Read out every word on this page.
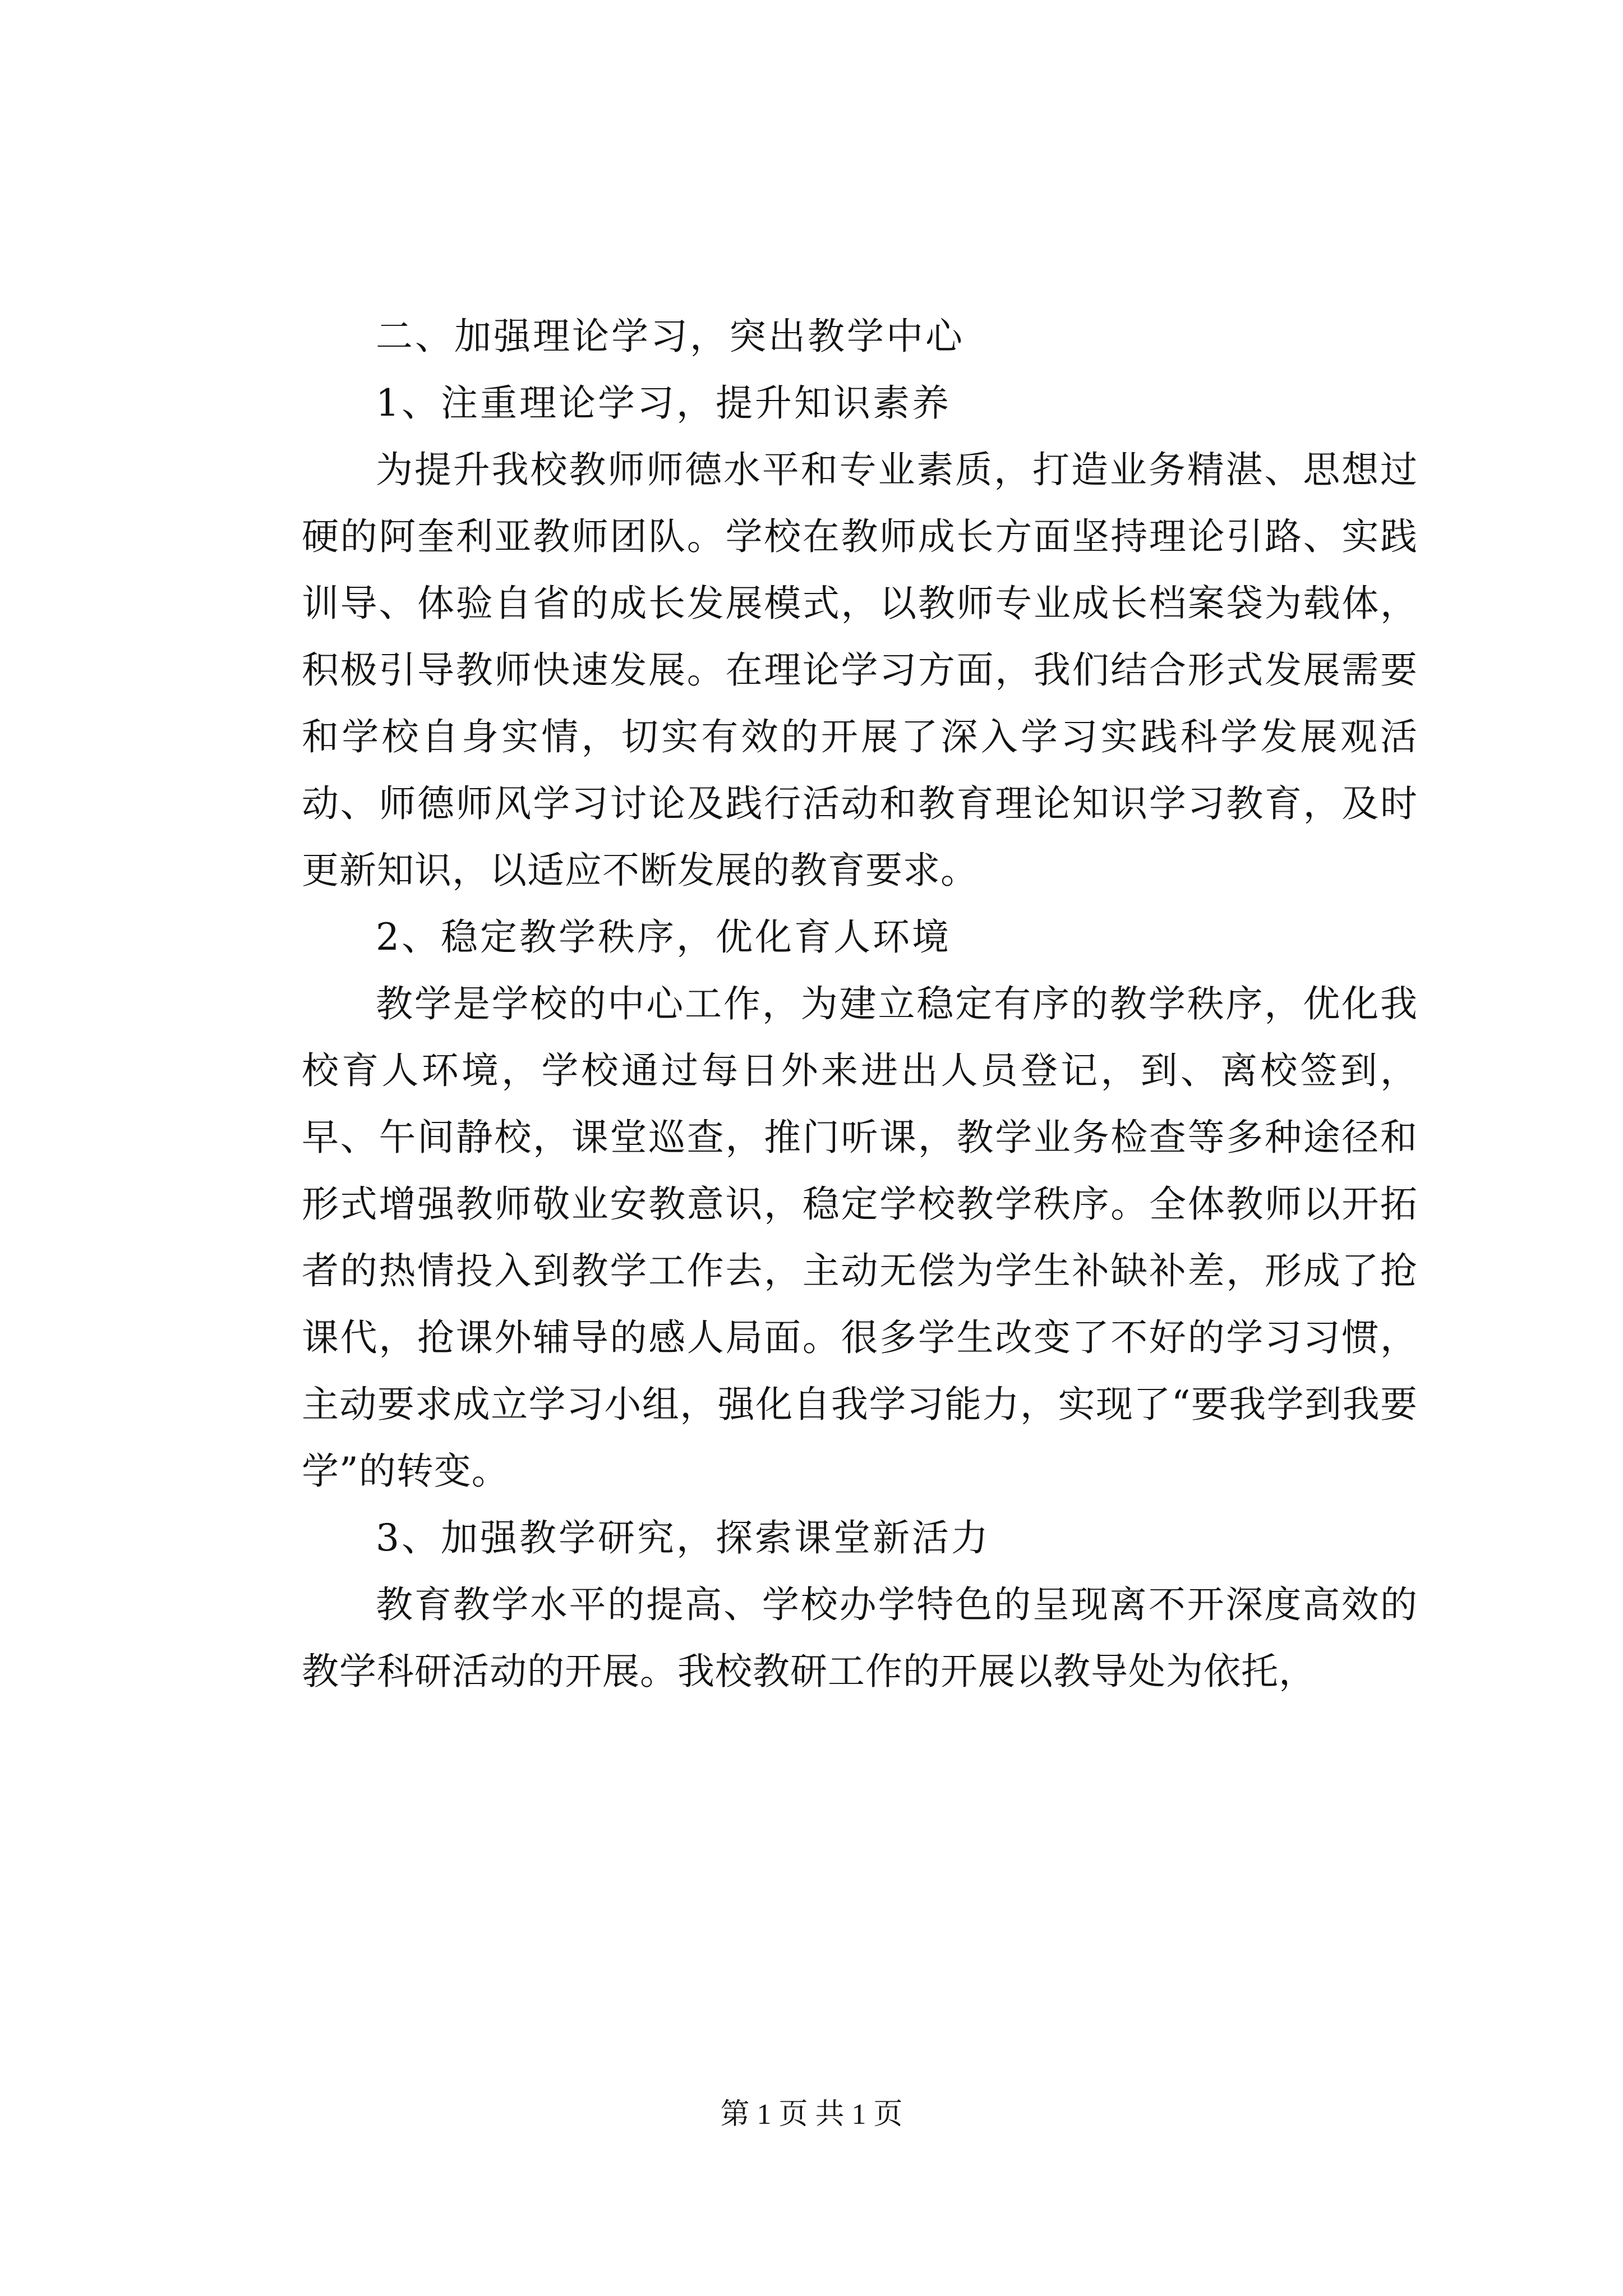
二、加强理论学习，突出教学中心

1、注重理论学习，提升知识素养

为提升我校教师师德水平和专业素质，打造业务精湛、思想过硬的阿奎利亚教师团队。学校在教师成长方面坚持理论引路、实践训导、体验自省的成长发展模式，以教师专业成长档案袋为载体，积极引导教师快速发展。在理论学习方面，我们结合形式发展需要和学校自身实情，切实有效的开展了深入学习实践科学发展观活动、师德师风学习讨论及践行活动和教育理论知识学习教育，及时更新知识，以适应不断发展的教育要求。

2、稳定教学秩序，优化育人环境

教学是学校的中心工作，为建立稳定有序的教学秩序，优化我校育人环境，学校通过每日外来进出人员登记，到、离校签到，早、午间静校，课堂巡查，推门听课，教学业务检查等多种途径和形式增强教师敬业安教意识，稳定学校教学秩序。全体教师以开拓者的热情投入到教学工作去，主动无偿为学生补缺补差，形成了抢课代，抢课外辅导的感人局面。很多学生改变了不好的学习习惯，主动要求成立学习小组，强化自我学习能力，实现了“要我学到我要学”的转变。

3、加强教学研究，探索课堂新活力

教育教学水平的提高、学校办学特色的呈现离不开深度高效的教学科研活动的开展。我校教研工作的开展以教导处为依托，

第 1 页 共 1 页
